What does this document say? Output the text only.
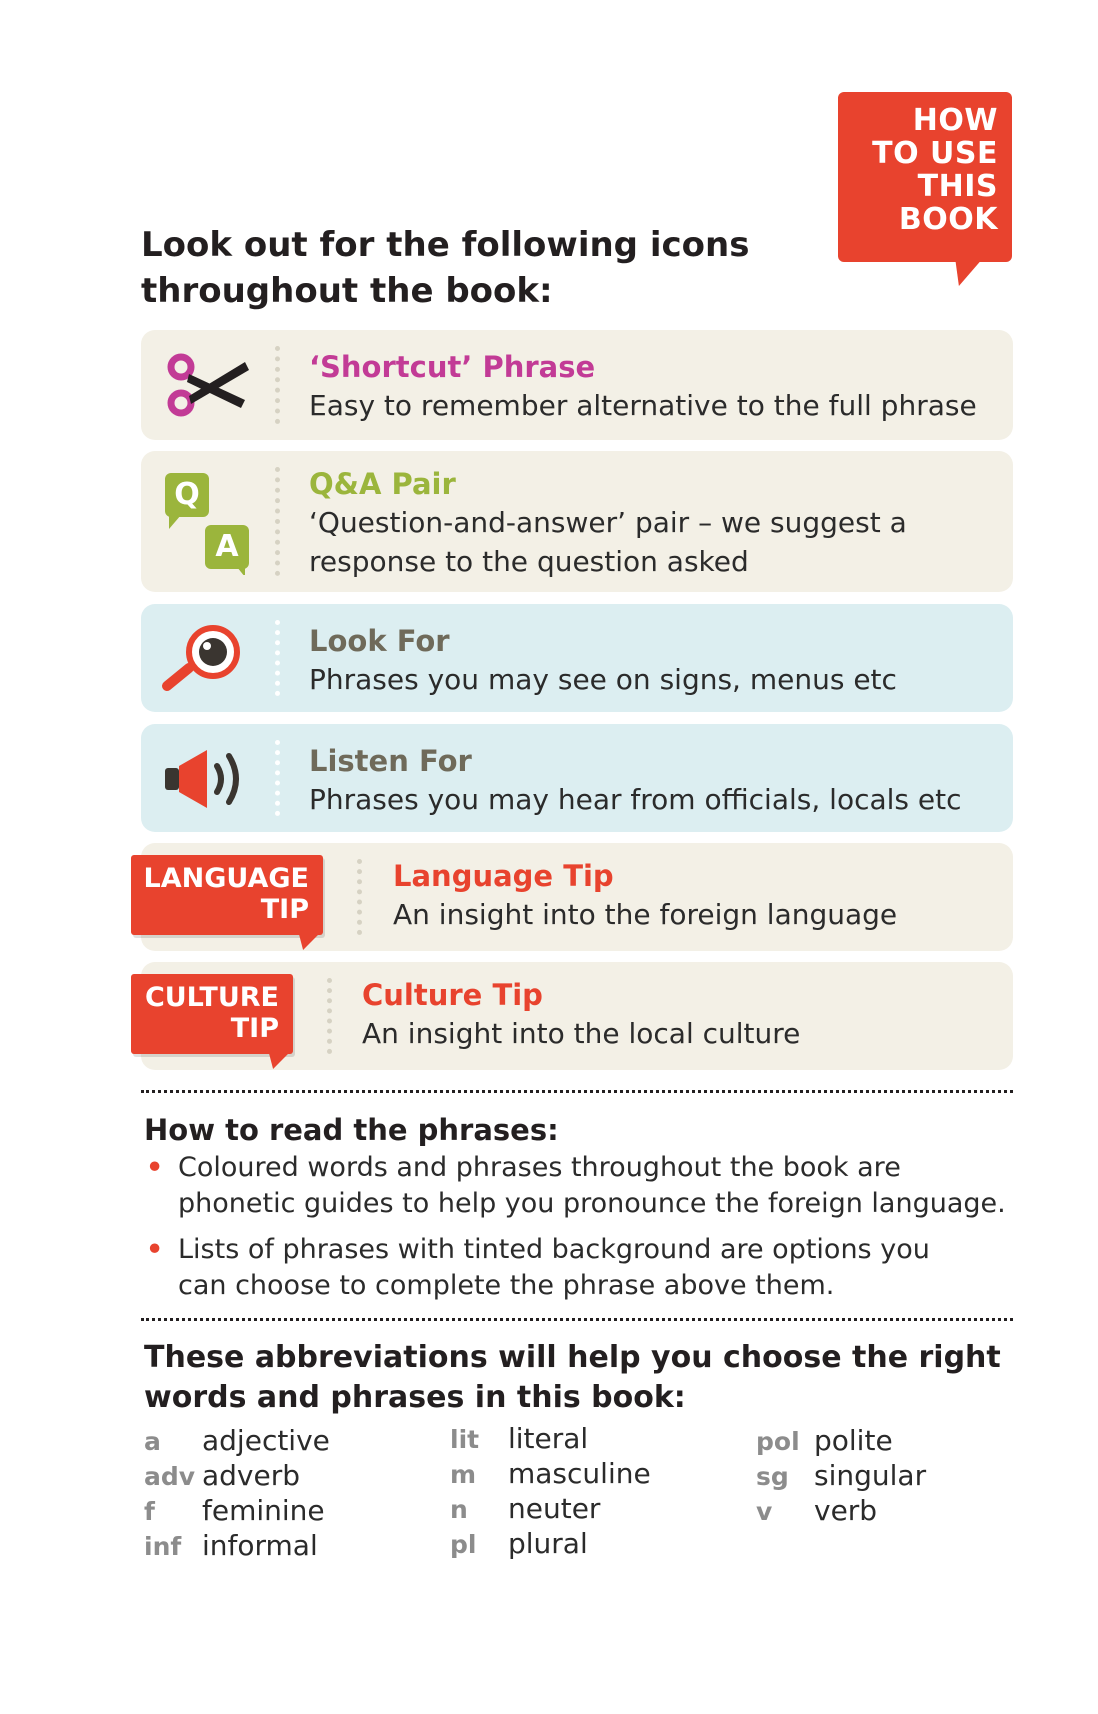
HOW
TO USE
THIS
BOOK
Look out for the following icons throughout the book:
‘Shortcut’ Phrase
Easy to remember alternative to the full phrase
Q
A
Q&A Pair
‘Question-and-answer’ pair – we suggest a
response to the question asked
Look For
Phrases you may see on signs, menus etc
Listen For
Phrases you may hear from officials, locals etc
Language Tip
An insight into the foreign language
LANGUAGE
TIP
Culture Tip
An insight into the local culture
CULTURE
TIP
How to read the phrases:
• Coloured words and phrases throughout the book are
phonetic guides to help you pronounce the foreign language.
• Lists of phrases with tinted background are options you
can choose to complete the phrase above them.
These abbreviations will help you choose the right
words and phrases in this book:
a adjective
adv adverb
f feminine
inf informal
lit literal
m masculine
n neuter
pl plural
pol polite
sg singular
v verb
